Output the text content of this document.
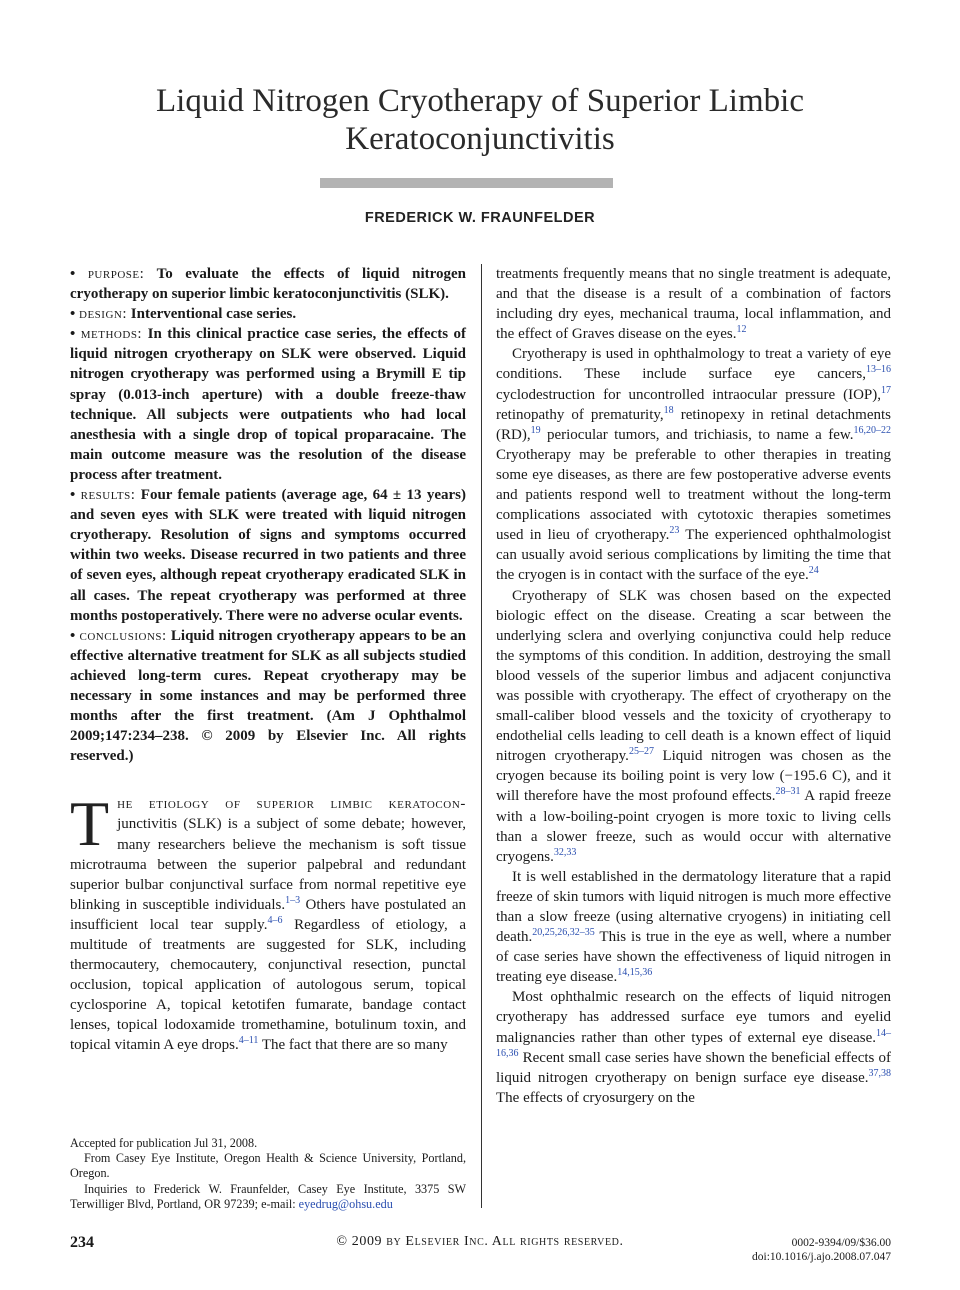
Liquid Nitrogen Cryotherapy of Superior Limbic Keratoconjunctivitis
FREDERICK W. FRAUNFELDER

• purpose: To evaluate the effects of liquid nitrogen cryotherapy on superior limbic keratoconjunctivitis (SLK).

• design: Interventional case series.

• methods: In this clinical practice case series, the effects of liquid nitrogen cryotherapy on SLK were observed. Liquid nitrogen cryotherapy was performed using a Brymill E tip spray (0.013-inch aperture) with a double freeze-thaw technique. All subjects were outpatients who had local anesthesia with a single drop of topical proparacaine. The main outcome measure was the resolution of the disease process after treatment.

• results: Four female patients (average age, 64 ± 13 years) and seven eyes with SLK were treated with liquid nitrogen cryotherapy. Resolution of signs and symptoms occurred within two weeks. Disease recurred in two patients and three of seven eyes, although repeat cryotherapy eradicated SLK in all cases. The repeat cryotherapy was performed at three months postoperatively. There were no adverse ocular events.

• conclusions: Liquid nitrogen cryotherapy appears to be an effective alternative treatment for SLK as all subjects studied achieved long-term cures. Repeat cryotherapy may be necessary in some instances and may be performed three months after the first treatment. (Am J Ophthalmol 2009;147:234–238. © 2009 by Elsevier Inc. All rights reserved.)

The etiology of superior limbic keratocon- junctivitis (SLK) is a subject of some debate; however, many researchers believe the mechanism is soft tissue microtrauma between the superior palpebral and redundant superior bulbar conjunctival surface from normal repetitive eye blinking in susceptible individuals.$^{1-3}$ Others have postulated an insufficient local tear supply.$^{4-6}$ Regardless of etiology, a multitude of treatments are suggested for SLK, including thermocautery, chemocautery, conjunctival resection, punctal occlusion, topical application of autologous serum, topical cyclosporine A, topical ketotifen fumarate, bandage contact lenses, topical lodoxamide tromethamine, botulinum toxin, and topical vitamin A eye drops.$^{4-11}$ The fact that there are so many

treatments frequently means that no single treatment is adequate, and that the disease is a result of a combination of factors including dry eyes, mechanical trauma, local inflammation, and the effect of Graves disease on the eyes.$^{12}$

Cryotherapy is used in ophthalmology to treat a variety of eye conditions. These include surface eye cancers,$^{13-16}$ cyclodestruction for uncontrolled intraocular pressure (IOP),$^{17}$ retinopathy of prematurity,$^{18}$ retinopexy in retinal detachments (RD),$^{19}$ periocular tumors, and trichiasis, to name a few.$^{16,20-22}$ Cryotherapy may be preferable to other therapies in treating some eye diseases, as there are few postoperative adverse events and patients respond well to treatment without the long-term complications associated with cytotoxic therapies sometimes used in lieu of cryotherapy.$^{23}$ The experienced ophthalmologist can usually avoid serious complications by limiting the time that the cryogen is in contact with the surface of the eye.$^{24}$

Cryotherapy of SLK was chosen based on the expected biologic effect on the disease. Creating a scar between the underlying sclera and overlying conjunctiva could help reduce the symptoms of this condition. In addition, destroying the small blood vessels of the superior limbus and adjacent conjunctiva was possible with cryotherapy. The effect of cryotherapy on the small-caliber blood vessels and the toxicity of cryotherapy to endothelial cells leading to cell death is a known effect of liquid nitrogen cryotherapy.$^{25-27}$ Liquid nitrogen was chosen as the cryogen because its boiling point is very low (−195.6 C), and it will therefore have the most profound effects.$^{28-31}$ A rapid freeze with a low-boiling-point cryogen is more toxic to living cells than a slower freeze, such as would occur with alternative cryogens.$^{32,33}$

It is well established in the dermatology literature that a rapid freeze of skin tumors with liquid nitrogen is much more effective than a slow freeze (using alternative cryogens) in initiating cell death.$^{20,25,26,32-35}$ This is true in the eye as well, where a number of case series have shown the effectiveness of liquid nitrogen in treating eye disease.$^{14,15,36}$

Most ophthalmic research on the effects of liquid nitrogen cryotherapy has addressed surface eye tumors and eyelid malignancies rather than other types of external eye disease.$^{14-16,36}$ Recent small case series have shown the beneficial effects of liquid nitrogen cryotherapy on benign surface eye disease.$^{37,38}$ The effects of cryosurgery on the

Accepted for publication Jul 31, 2008.

From Casey Eye Institute, Oregon Health & Science University, Portland, Oregon.

Inquiries to Frederick W. Fraunfelder, Casey Eye Institute, 3375 SW Terwilliger Blvd, Portland, OR 97239; e-mail: eyedrug@ohsu.edu

234	© 2009 by Elsevier Inc. All rights reserved.	0002-9394/09/$36.00
doi:10.1016/j.ajo.2008.07.047
